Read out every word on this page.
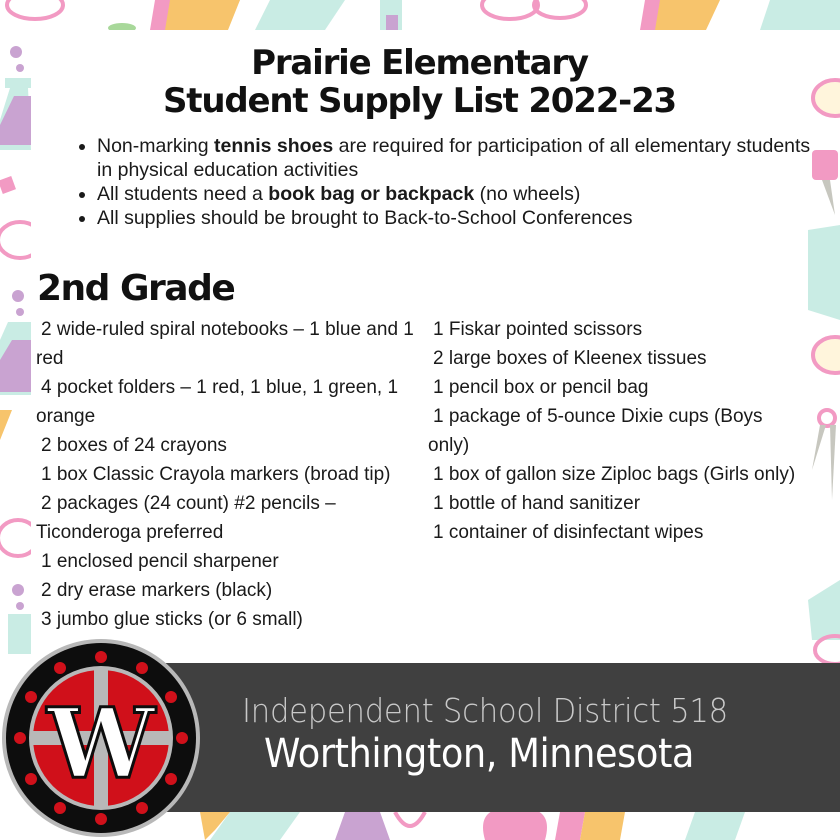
Prairie Elementary
Student Supply List 2022-23
• Non-marking tennis shoes are required for participation of all elementary students in physical education activities
• All students need a book bag or backpack (no wheels)
• All supplies should be brought to Back-to-School Conferences
2nd Grade
2 wide-ruled spiral notebooks – 1 blue and 1 red
4 pocket folders – 1 red, 1 blue, 1 green, 1 orange
2 boxes of 24 crayons
1 box Classic Crayola markers (broad tip)
2 packages (24 count) #2 pencils – Ticonderoga preferred
1 enclosed pencil sharpener
2 dry erase markers (black)
3 jumbo glue sticks (or 6 small)
1 Fiskar pointed scissors
2 large boxes of Kleenex tissues
1 pencil box or pencil bag
1 package of 5-ounce Dixie cups (Boys only)
1 box of gallon size Ziploc bags (Girls only)
1 bottle of hand sanitizer
1 container of disinfectant wipes
Independent School District 518
Worthington, Minnesota
W
